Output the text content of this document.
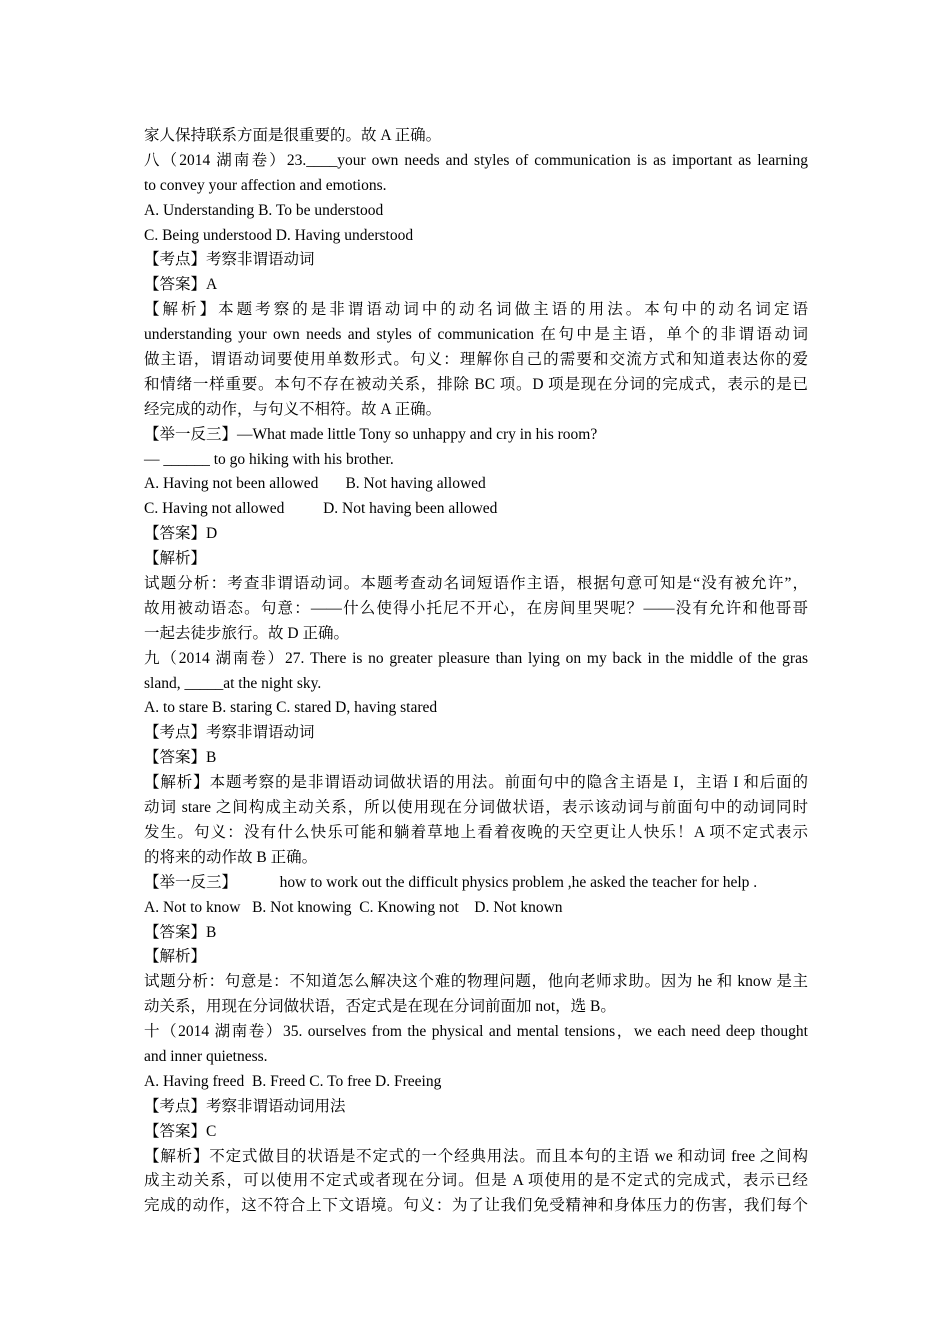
家人保持联系方面是很重要的。故 A 正确。
八（2014 湖南卷）23.____your own needs and styles of communication is as important as learning
to convey your affection and emotions.
A. Understanding B. To be understood
C. Being understood D. Having understood
【考点】考察非谓语动词
【答案】A
【解析】本题考察的是非谓语动词中的动名词做主语的用法。本句中的动名词定语
understanding your own needs and styles of communication 在句中是主语，单个的非谓语动词
做主语，谓语动词要使用单数形式。句义：理解你自己的需要和交流方式和知道表达你的爱
和情绪一样重要。本句不存在被动关系，排除 BC 项。D 项是现在分词的完成式，表示的是已
经完成的动作，与句义不相符。故 A 正确。
【举一反三】—What made little Tony so unhappy and cry in his room?
— ______ to go hiking with his brother.
A. Having not been allowed       B. Not having allowed
C. Having not allowed          D. Not having been allowed
【答案】D
【解析】
试题分析：考查非谓语动词。本题考查动名词短语作主语，根据句意可知是“没有被允许”，
故用被动语态。句意：——什么使得小托尼不开心，在房间里哭呢？——没有允许和他哥哥
一起去徒步旅行。故 D 正确。
九（2014 湖南卷）27. There is no greater pleasure than lying on my back in the middle of the gras
sland, _____at the night sky.
A. to stare B. staring C. stared D, having stared
【考点】考察非谓语动词
【答案】B
【解析】本题考察的是非谓语动词做状语的用法。前面句中的隐含主语是 I，主语 I 和后面的
动词 stare 之间构成主动关系，所以使用现在分词做状语，表示该动词与前面句中的动词同时
发生。句义：没有什么快乐可能和躺着草地上看着夜晚的天空更让人快乐！A 项不定式表示
的将来的动作故 B 正确。
【举一反三】           how to work out the difficult physics problem ,he asked the teacher for help .
A. Not to know   B. Not knowing  C. Knowing not    D. Not known
【答案】B
【解析】
试题分析：句意是：不知道怎么解决这个难的物理问题，他向老师求助。因为 he 和 know 是主
动关系，用现在分词做状语，否定式是在现在分词前面加 not，选 B。
十（2014 湖南卷）35. ourselves from the physical and mental tensions，we each need deep thought
and inner quietness.
A. Having freed  B. Freed C. To free D. Freeing
【考点】考察非谓语动词用法
【答案】C
【解析】不定式做目的状语是不定式的一个经典用法。而且本句的主语 we 和动词 free 之间构
成主动关系，可以使用不定式或者现在分词。但是 A 项使用的是不定式的完成式，表示已经
完成的动作，这不符合上下文语境。句义：为了让我们免受精神和身体压力的伤害，我们每个
